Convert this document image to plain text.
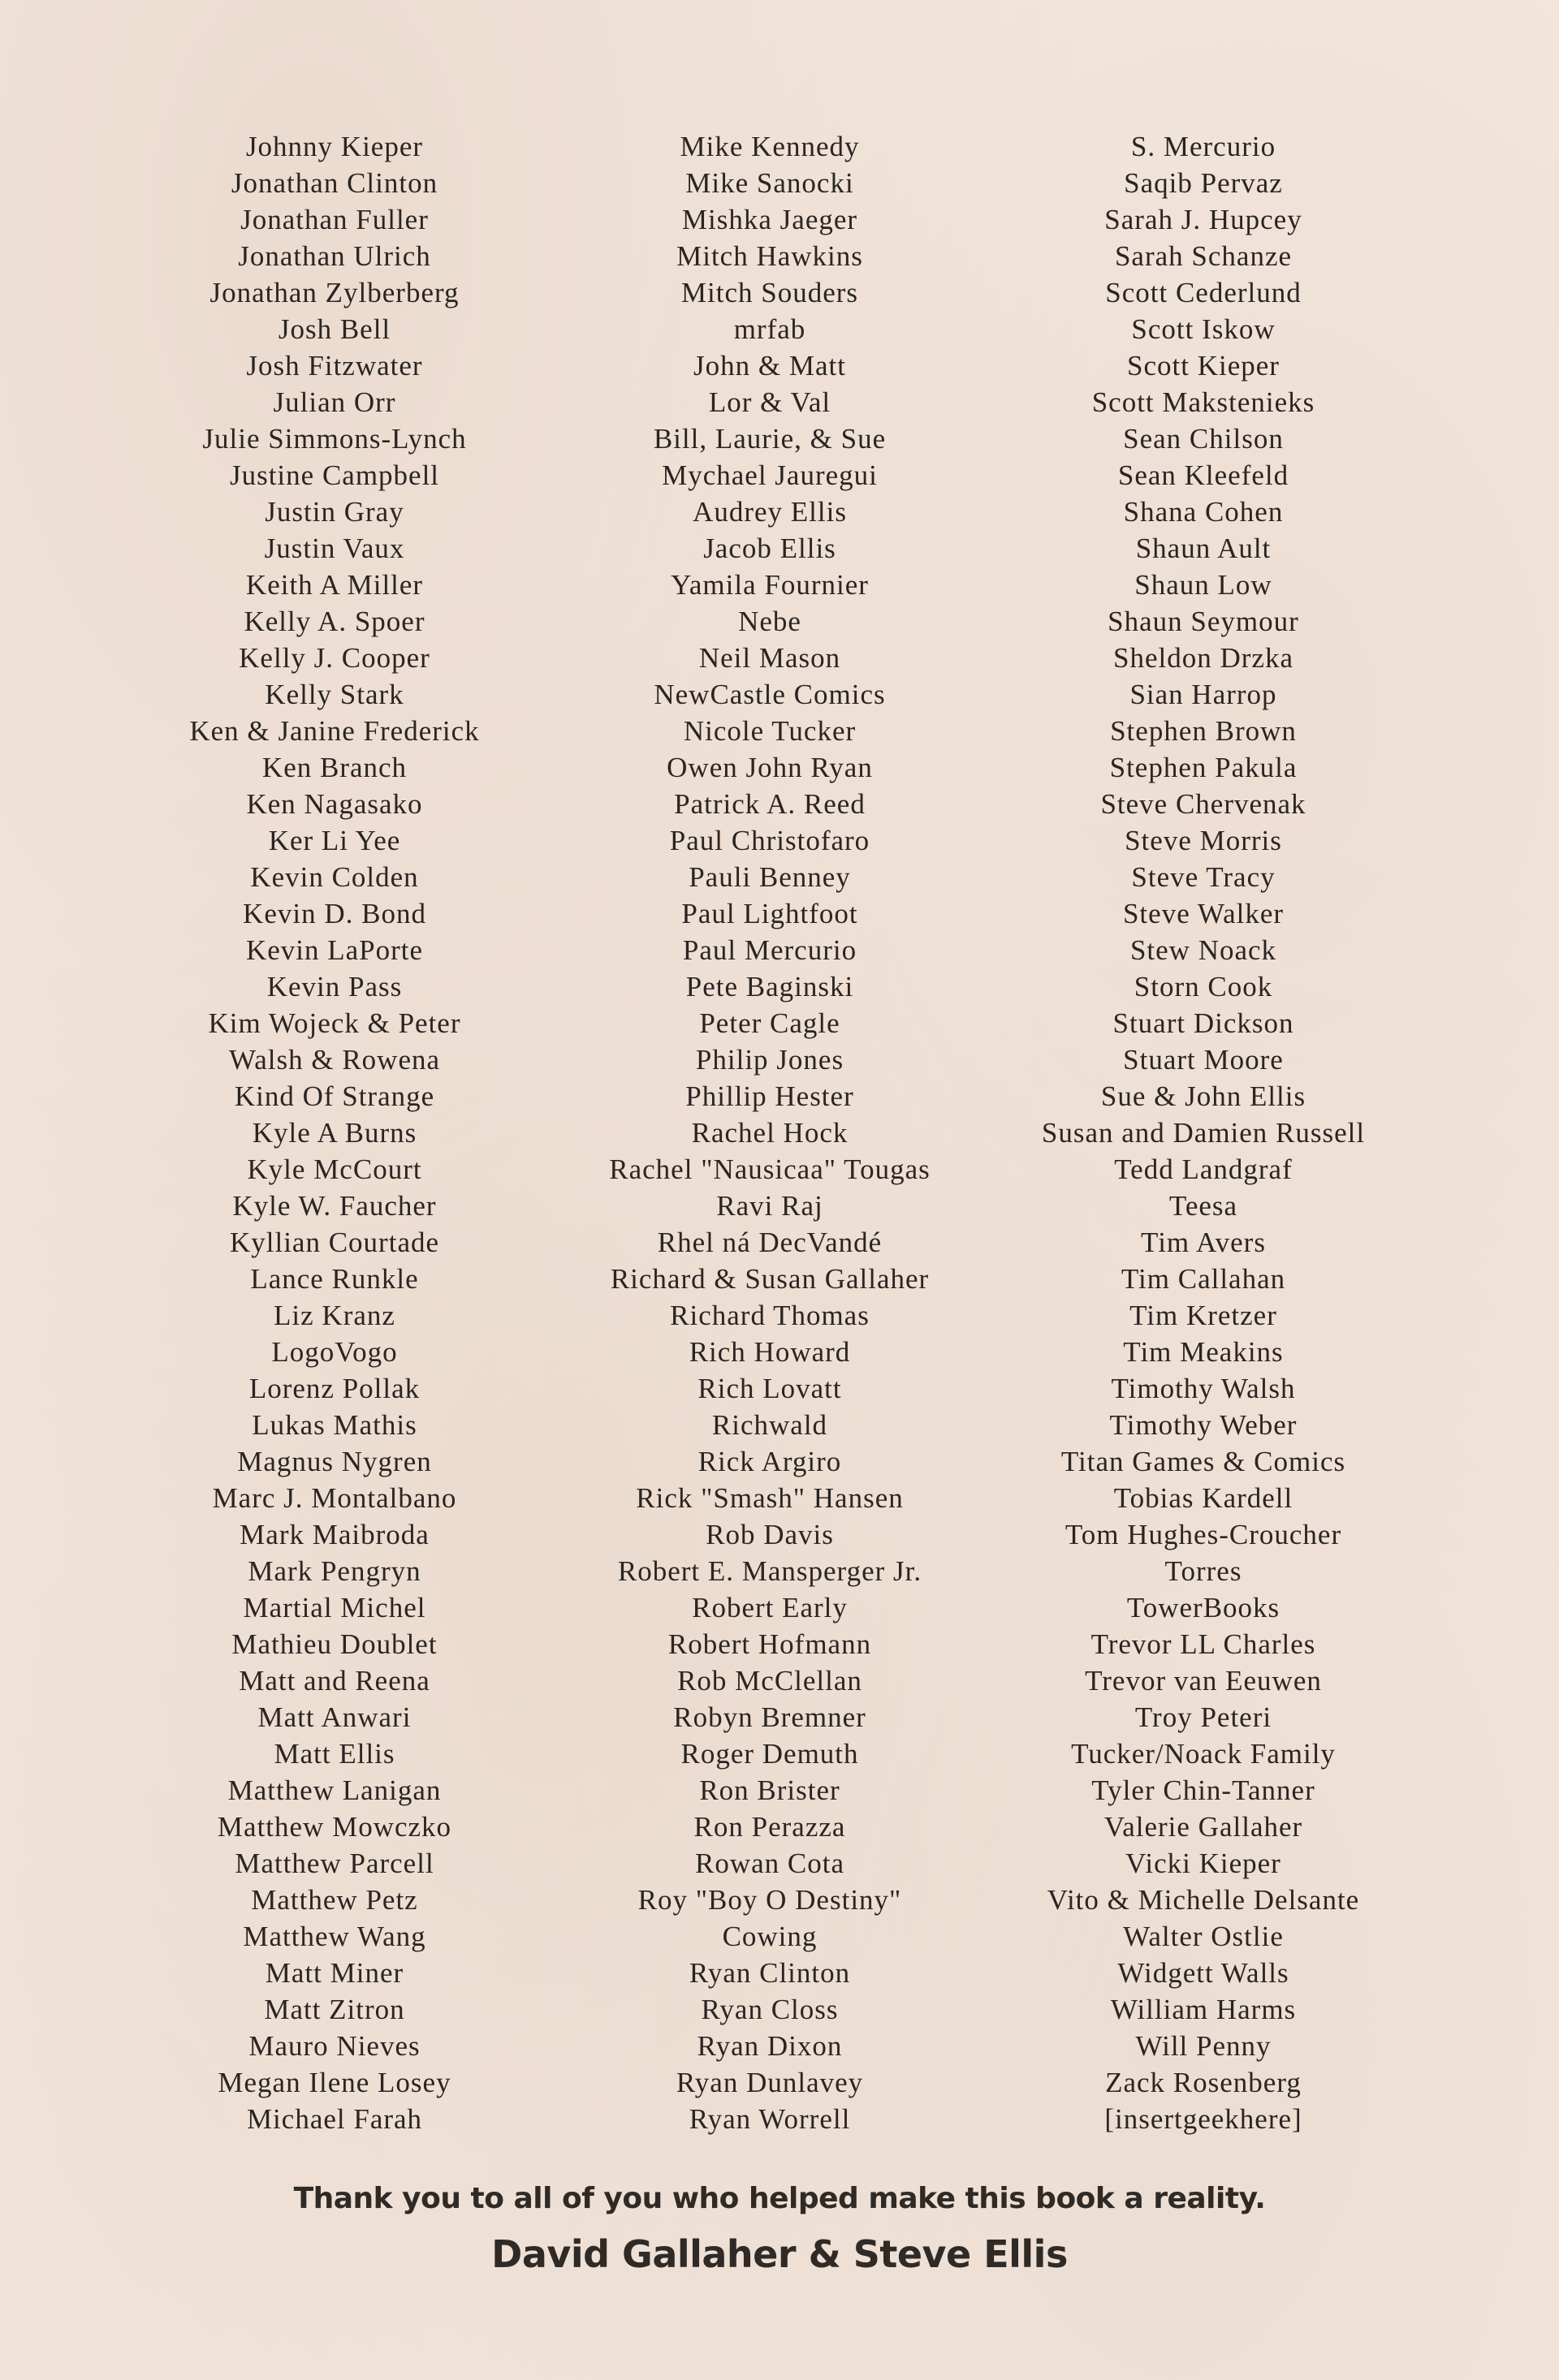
Johnny Kieper
Jonathan Clinton
Jonathan Fuller
Jonathan Ulrich
Jonathan Zylberberg
Josh Bell
Josh Fitzwater
Julian Orr
Julie Simmons-Lynch
Justine Campbell
Justin Gray
Justin Vaux
Keith A Miller
Kelly A. Spoer
Kelly J. Cooper
Kelly Stark
Ken & Janine Frederick
Ken Branch
Ken Nagasako
Ker Li Yee
Kevin Colden
Kevin D. Bond
Kevin LaPorte
Kevin Pass
Kim Wojeck & Peter
Walsh & Rowena
Kind Of Strange
Kyle A Burns
Kyle McCourt
Kyle W. Faucher
Kyllian Courtade
Lance Runkle
Liz Kranz
LogoVogo
Lorenz Pollak
Lukas Mathis
Magnus Nygren
Marc J. Montalbano
Mark Maibroda
Mark Pengryn
Martial Michel
Mathieu Doublet
Matt and Reena
Matt Anwari
Matt Ellis
Matthew Lanigan
Matthew Mowczko
Matthew Parcell
Matthew Petz
Matthew Wang
Matt Miner
Matt Zitron
Mauro Nieves
Megan Ilene Losey
Michael Farah
Mike Kennedy
Mike Sanocki
Mishka Jaeger
Mitch Hawkins
Mitch Souders
mrfab
John & Matt
Lor & Val
Bill, Laurie, & Sue
Mychael Jauregui
Audrey Ellis
Jacob Ellis
Yamila Fournier
Nebe
Neil Mason
NewCastle Comics
Nicole Tucker
Owen John Ryan
Patrick A. Reed
Paul Christofaro
Pauli Benney
Paul Lightfoot
Paul Mercurio
Pete Baginski
Peter Cagle
Philip Jones
Phillip Hester
Rachel Hock
Rachel "Nausicaa" Tougas
Ravi Raj
Rhel ná DecVandé
Richard & Susan Gallaher
Richard Thomas
Rich Howard
Rich Lovatt
Richwald
Rick Argiro
Rick "Smash" Hansen
Rob Davis
Robert E. Mansperger Jr.
Robert Early
Robert Hofmann
Rob McClellan
Robyn Bremner
Roger Demuth
Ron Brister
Ron Perazza
Rowan Cota
Roy "Boy O Destiny"
Cowing
Ryan Clinton
Ryan Closs
Ryan Dixon
Ryan Dunlavey
Ryan Worrell
S. Mercurio
Saqib Pervaz
Sarah J. Hupcey
Sarah Schanze
Scott Cederlund
Scott Iskow
Scott Kieper
Scott Makstenieks
Sean Chilson
Sean Kleefeld
Shana Cohen
Shaun Ault
Shaun Low
Shaun Seymour
Sheldon Drzka
Sian Harrop
Stephen Brown
Stephen Pakula
Steve Chervenak
Steve Morris
Steve Tracy
Steve Walker
Stew Noack
Storn Cook
Stuart Dickson
Stuart Moore
Sue & John Ellis
Susan and Damien Russell
Tedd Landgraf
Teesa
Tim Avers
Tim Callahan
Tim Kretzer
Tim Meakins
Timothy Walsh
Timothy Weber
Titan Games & Comics
Tobias Kardell
Tom Hughes-Croucher
Torres
TowerBooks
Trevor LL Charles
Trevor van Eeuwen
Troy Peteri
Tucker/Noack Family
Tyler Chin-Tanner
Valerie Gallaher
Vicki Kieper
Vito & Michelle Delsante
Walter Ostlie
Widgett Walls
William Harms
Will Penny
Zack Rosenberg
[insertgeekhere]
Thank you to all of you who helped make this book a reality.
David Gallaher & Steve Ellis
